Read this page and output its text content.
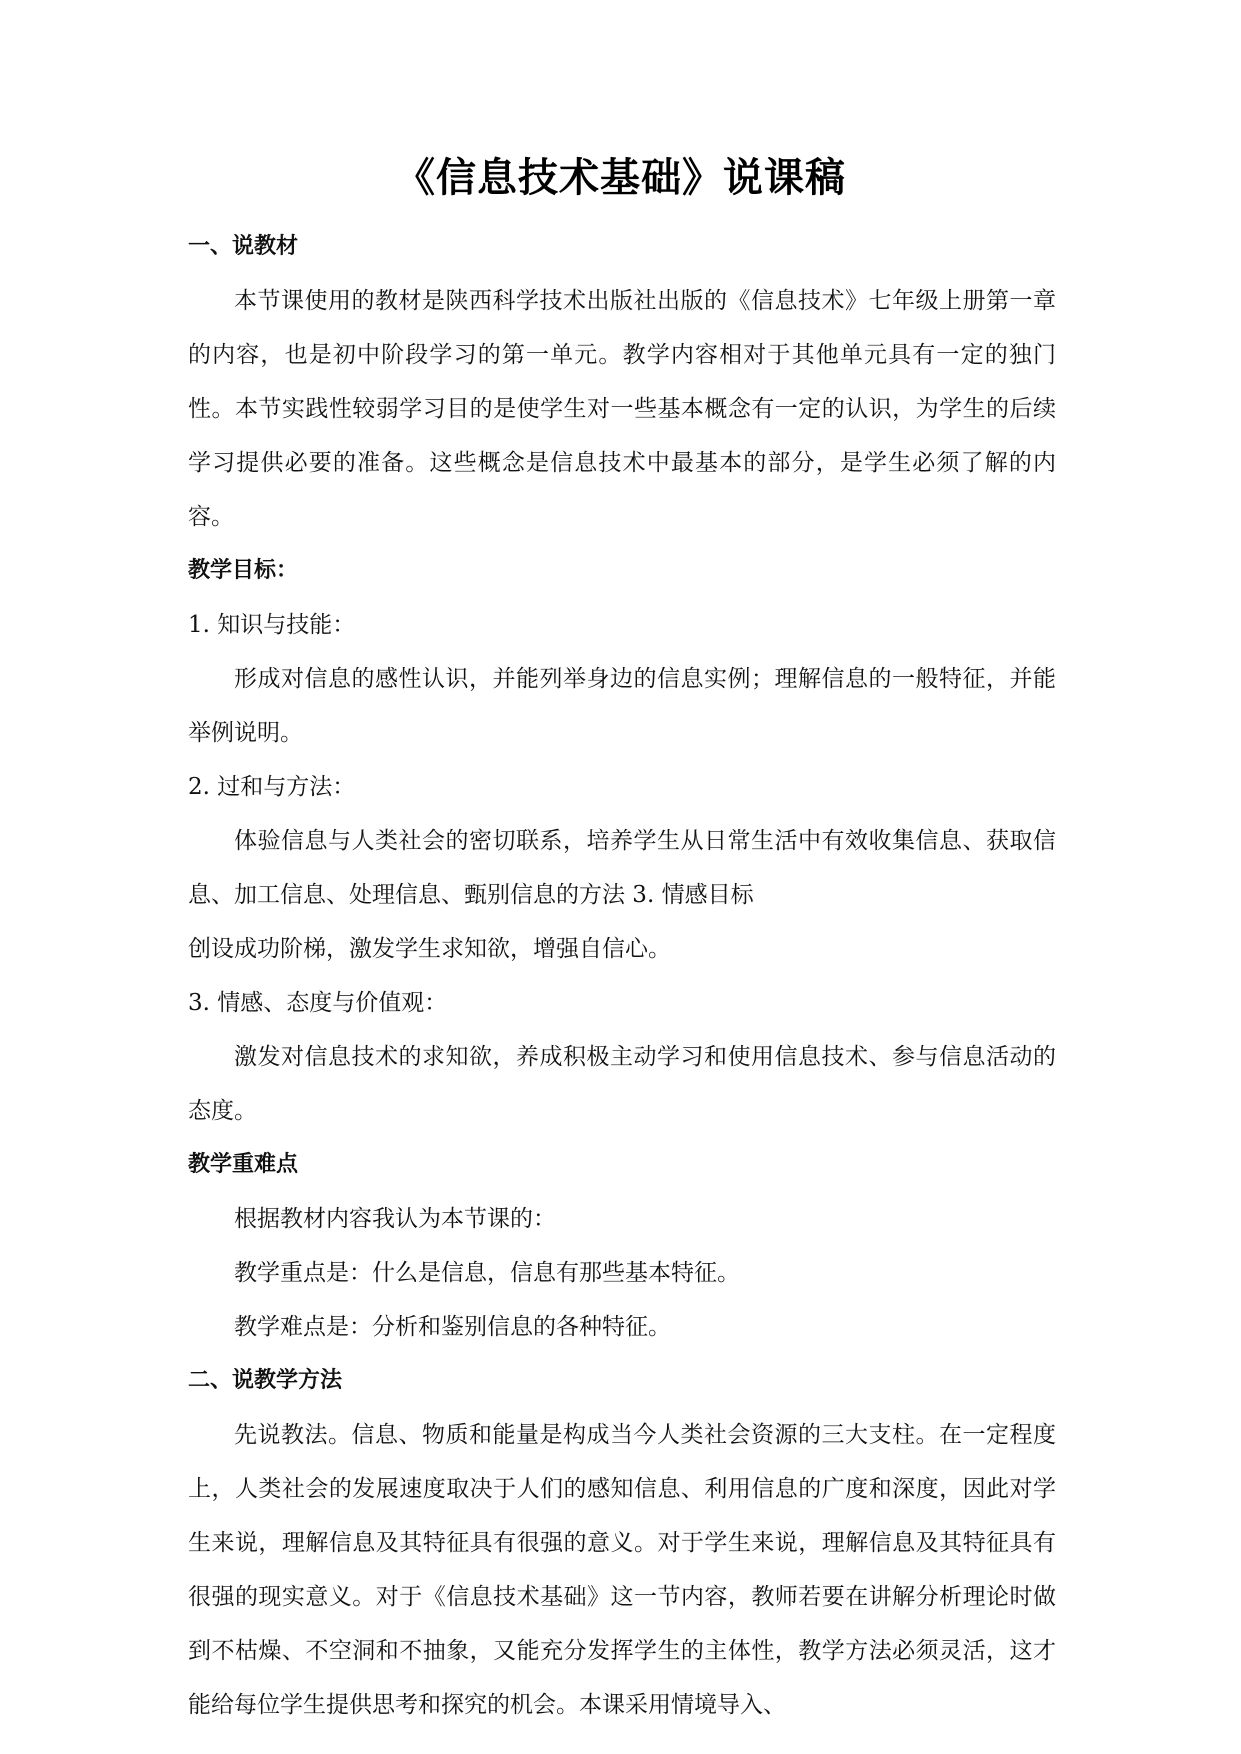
《信息技术基础》说课稿

一、说教材

本节课使用的教材是陕西科学技术出版社出版的《信息技术》七年级上册第一章的内容，也是初中阶段学习的第一单元。教学内容相对于其他单元具有一定的独门性。本节实践性较弱学习目的是使学生对一些基本概念有一定的认识，为学生的后续学习提供必要的准备。这些概念是信息技术中最基本的部分，是学生必须了解的内容。

教学目标：

1. 知识与技能：

形成对信息的感性认识，并能列举身边的信息实例；理解信息的一般特征，并能举例说明。

2. 过和与方法：

体验信息与人类社会的密切联系，培养学生从日常生活中有效收集信息、获取信息、加工信息、处理信息、甄别信息的方法 3. 情感目标

创设成功阶梯，激发学生求知欲，增强自信心。

3. 情感、态度与价值观：

激发对信息技术的求知欲，养成积极主动学习和使用信息技术、参与信息活动的态度。

教学重难点

根据教材内容我认为本节课的：

教学重点是：什么是信息，信息有那些基本特征。

教学难点是：分析和鉴别信息的各种特征。

二、说教学方法

先说教法。信息、物质和能量是构成当今人类社会资源的三大支柱。在一定程度上，人类社会的发展速度取决于人们的感知信息、利用信息的广度和深度，因此对学生来说，理解信息及其特征具有很强的意义。对于学生来说，理解信息及其特征具有很强的现实意义。对于《信息技术基础》这一节内容，教师若要在讲解分析理论时做到不枯燥、不空洞和不抽象，又能充分发挥学生的主体性，教学方法必须灵活，这才能给每位学生提供思考和探究的机会。本课采用情境导入、
